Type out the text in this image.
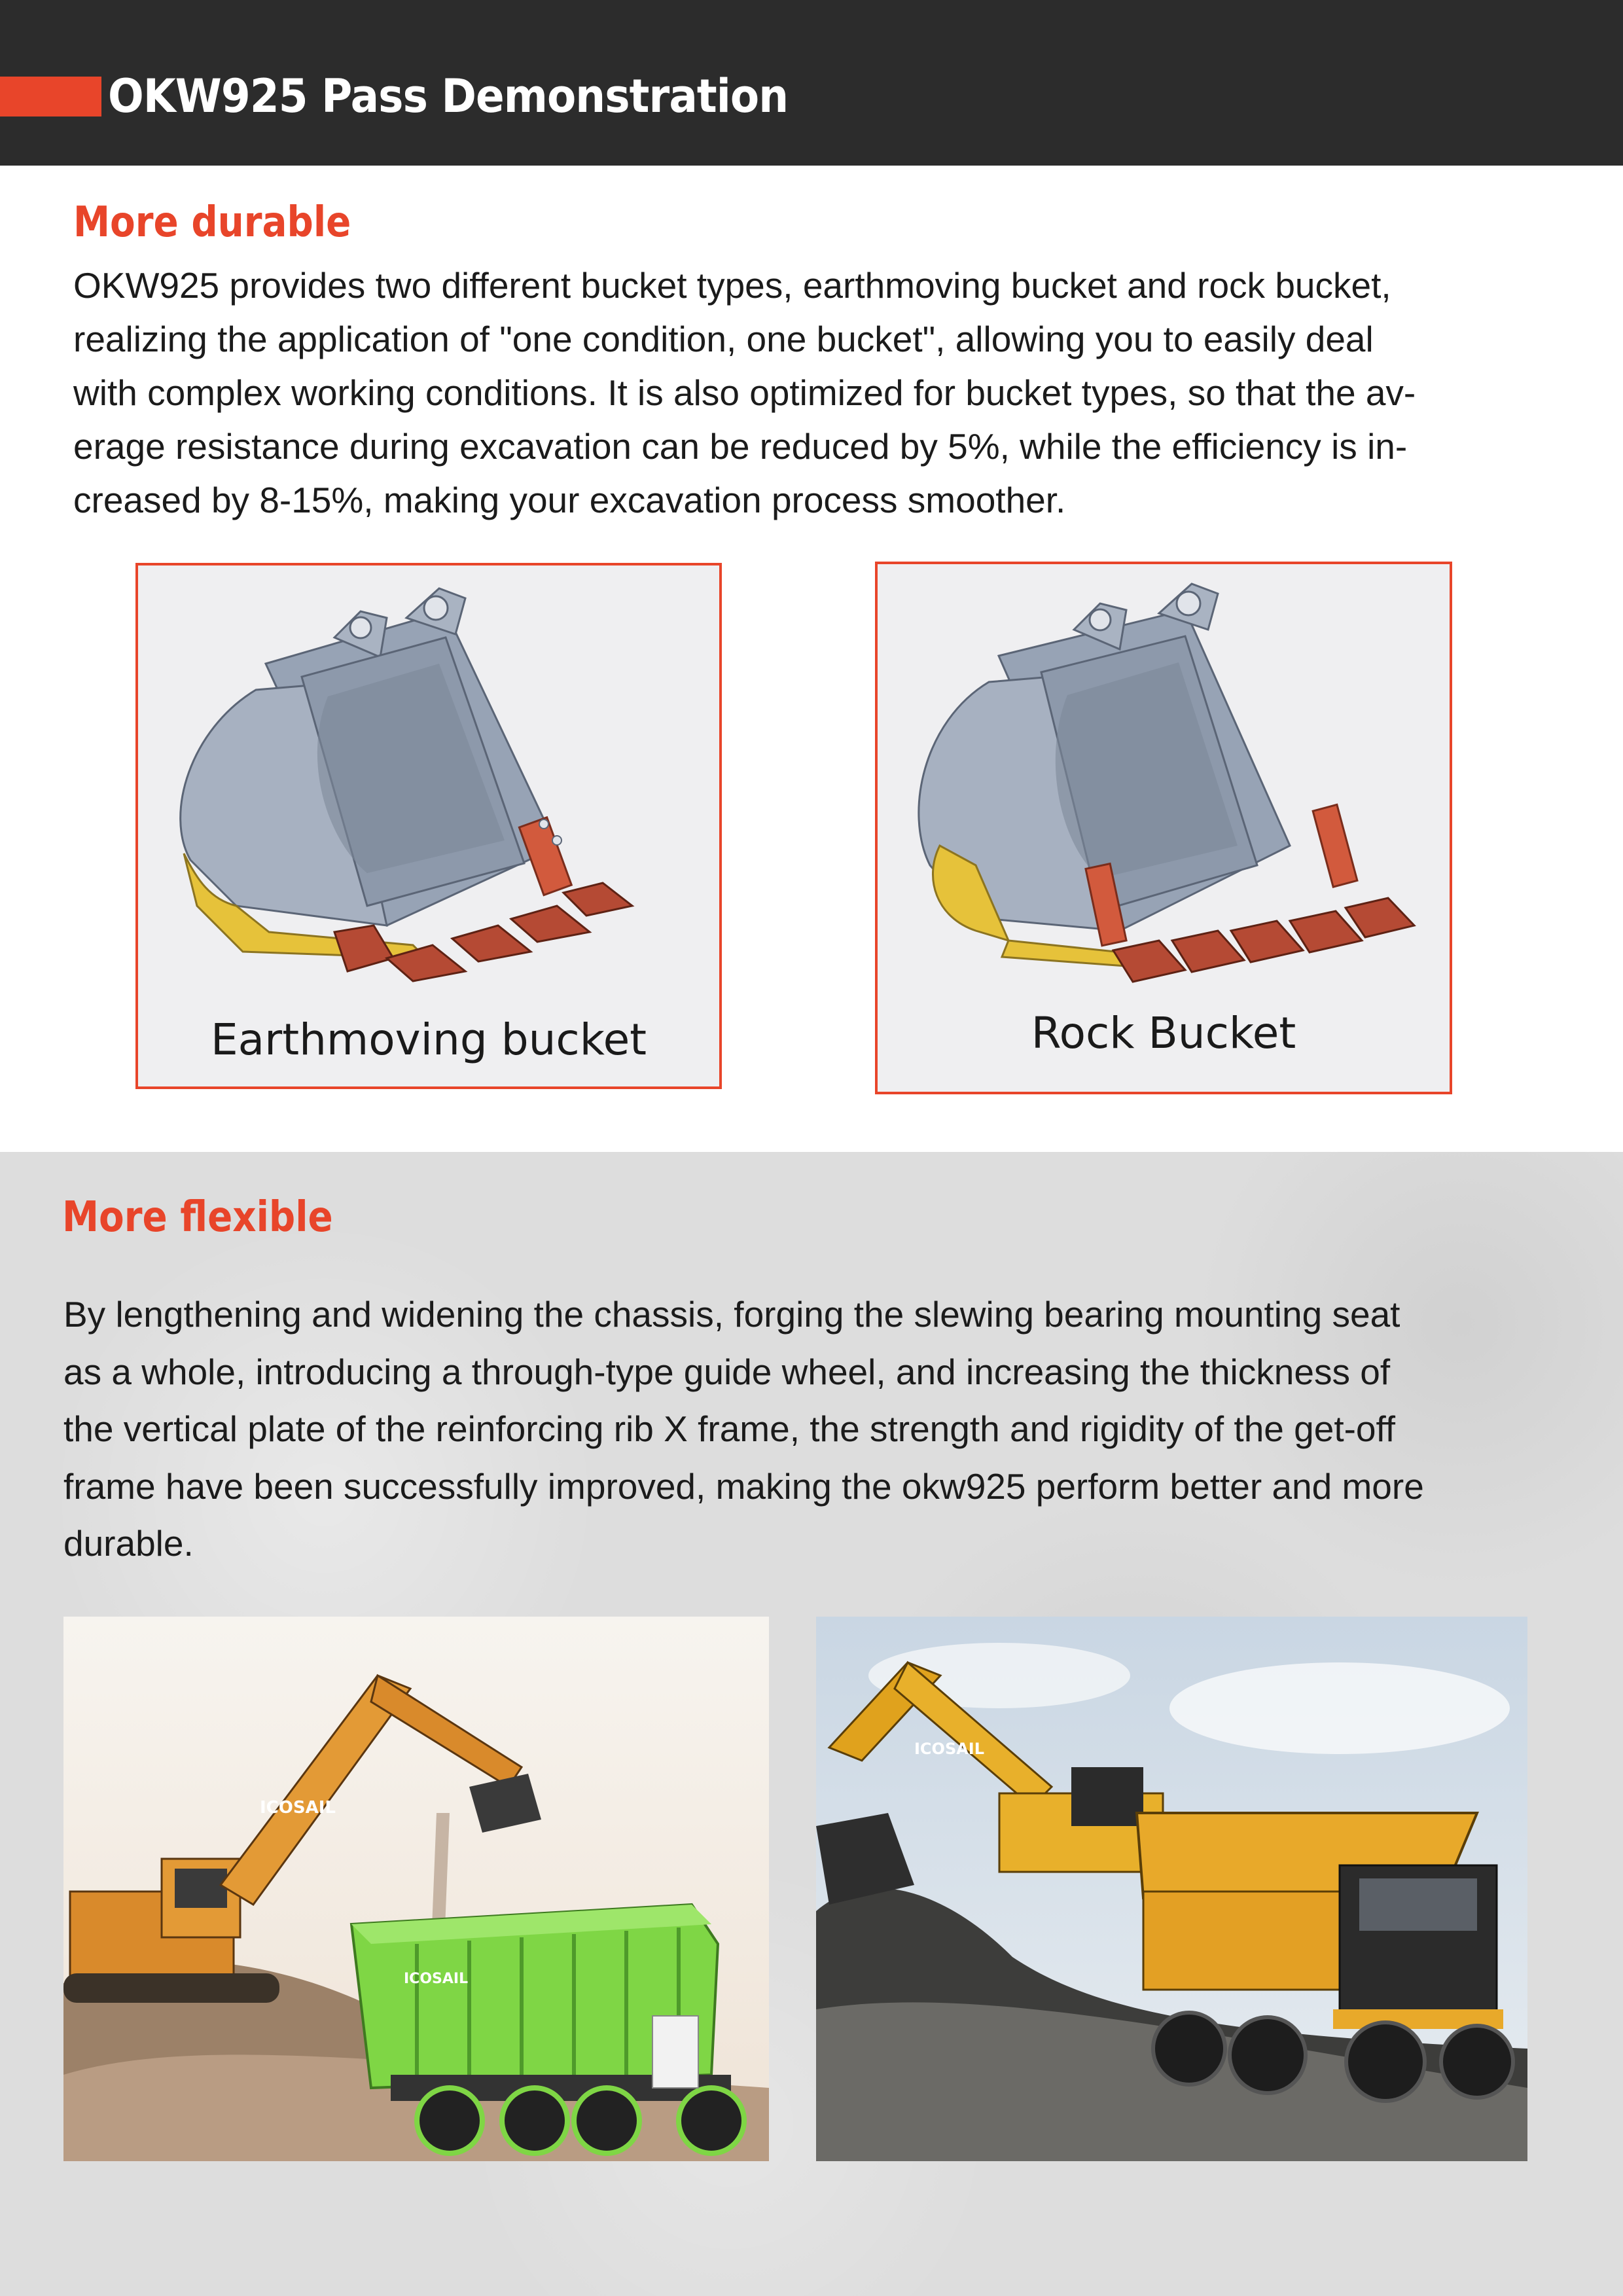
OKW925 Pass Demonstration
More durable
OKW925 provides two different bucket types, earthmoving bucket and rock bucket,
realizing the application of "one condition, one bucket", allowing you to easily deal
with complex working conditions. It is also optimized for bucket types, so that the av-
erage resistance during excavation can be reduced by 5%, while the efficiency is in-
creased by 8-15%, making your excavation process smoother.
Earthmoving bucket	Rock Bucket
More flexible
By lengthening and widening the chassis, forging the slewing bearing mounting seat
as a whole, introducing a through-type guide wheel, and increasing the thickness of
the vertical plate of the reinforcing rib X frame, the strength and rigidity of the get-off
frame have been successfully improved, making the okw925 perform better and more
durable.
ICOSAIL
ICOSAIL
ICOSAIL
